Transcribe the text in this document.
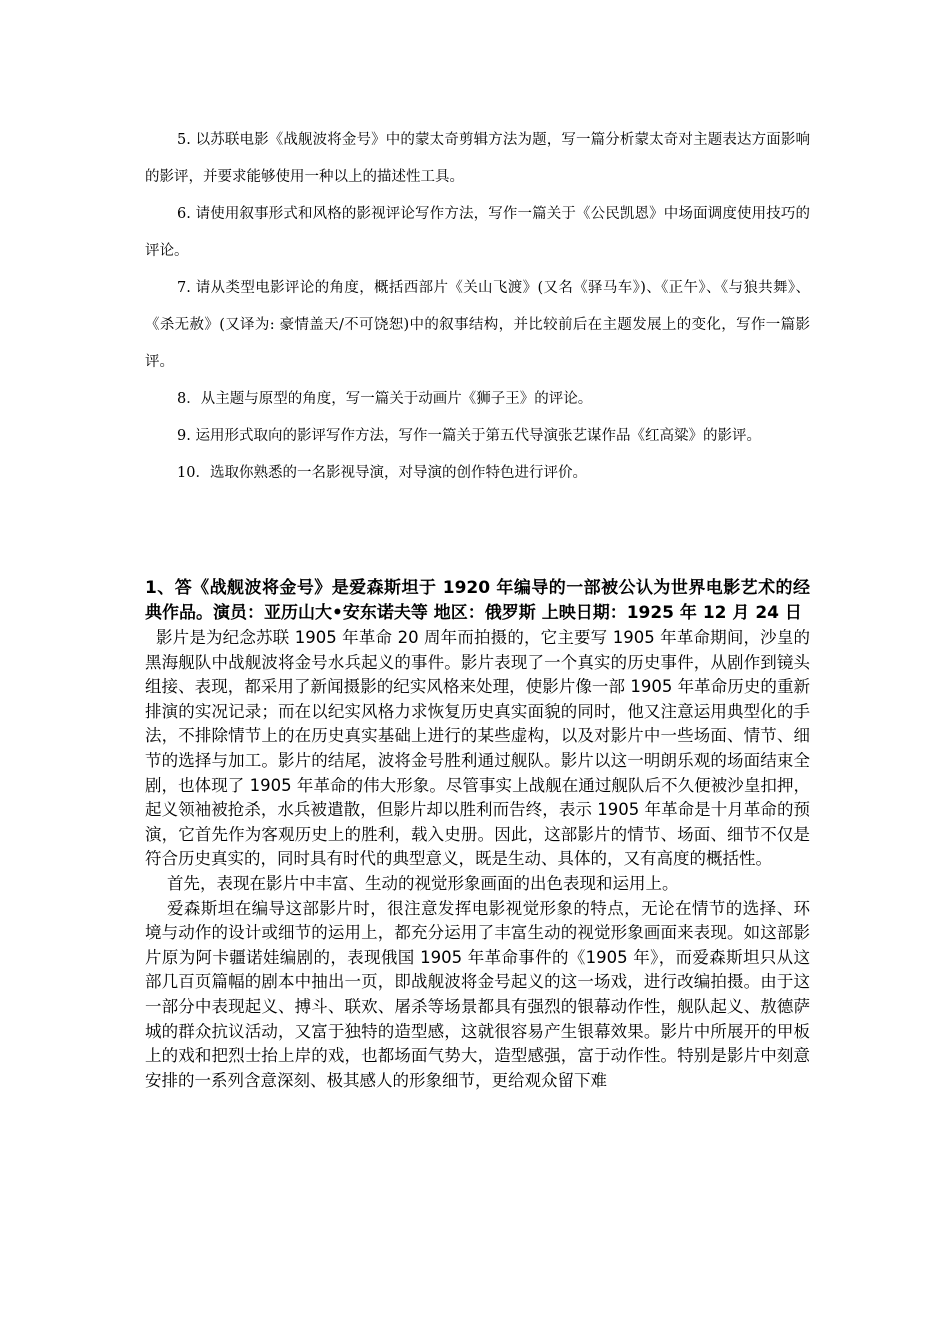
5. 以苏联电影《战舰波将金号》中的蒙太奇剪辑方法为题，写一篇分析蒙太奇对主题表达方面影响的影评，并要求能够使用一种以上的描述性工具。

6. 请使用叙事形式和风格的影视评论写作方法，写作一篇关于《公民凯恩》中场面调度使用技巧的评论。

7. 请从类型电影评论的角度，概括西部片《关山飞渡》(又名《驿马车》)、《正午》、《与狼共舞》、《杀无赦》(又译为: 豪情盖天/不可饶恕)中的叙事结构，并比较前后在主题发展上的变化，写作一篇影评。

8．从主题与原型的角度，写一篇关于动画片《狮子王》的评论。

9. 运用形式取向的影评写作方法，写作一篇关于第五代导演张艺谋作品《红高粱》的影评。

10．选取你熟悉的一名影视导演，对导演的创作特色进行评价。

1、答《战舰波将金号》是爱森斯坦于 1920 年编导的一部被公认为世界电影艺术的经典作品。演员：亚历山大•安东诺夫等 地区：俄罗斯 上映日期：1925 年 12 月 24 日

影片是为纪念苏联 1905 年革命 20 周年而拍摄的，它主要写 1905 年革命期间，沙皇的黑海舰队中战舰波将金号水兵起义的事件。影片表现了一个真实的历史事件，从剧作到镜头组接、表现，都采用了新闻摄影的纪实风格来处理，使影片像一部 1905 年革命历史的重新排演的实况记录；而在以纪实风格力求恢复历史真实面貌的同时，他又注意运用典型化的手法，不排除情节上的在历史真实基础上进行的某些虚构，以及对影片中一些场面、情节、细节的选择与加工。影片的结尾，波将金号胜利通过舰队。影片以这一明朗乐观的场面结束全剧，也体现了 1905 年革命的伟大形象。尽管事实上战舰在通过舰队后不久便被沙皇扣押，起义领袖被抢杀，水兵被遣散，但影片却以胜利而告终，表示 1905 年革命是十月革命的预演，它首先作为客观历史上的胜利，载入史册。因此，这部影片的情节、场面、细节不仅是符合历史真实的，同时具有时代的典型意义，既是生动、具体的，又有高度的概括性。

首先，表现在影片中丰富、生动的视觉形象画面的出色表现和运用上。

爱森斯坦在编导这部影片时，很注意发挥电影视觉形象的特点，无论在情节的选择、环境与动作的设计或细节的运用上，都充分运用了丰富生动的视觉形象画面来表现。如这部影片原为阿卡疆诺娃编剧的，表现俄国 1905 年革命事件的《1905 年》，而爱森斯坦只从这部几百页篇幅的剧本中抽出一页，即战舰波将金号起义的这一场戏，进行改编拍摄。由于这一部分中表现起义、搏斗、联欢、屠杀等场景都具有强烈的银幕动作性，舰队起义、敖德萨城的群众抗议活动，又富于独特的造型感，这就很容易产生银幕效果。影片中所展开的甲板上的戏和把烈士抬上岸的戏，也都场面气势大，造型感强，富于动作性。特别是影片中刻意安排的一系列含意深刻、极其感人的形象细节，更给观众留下难
